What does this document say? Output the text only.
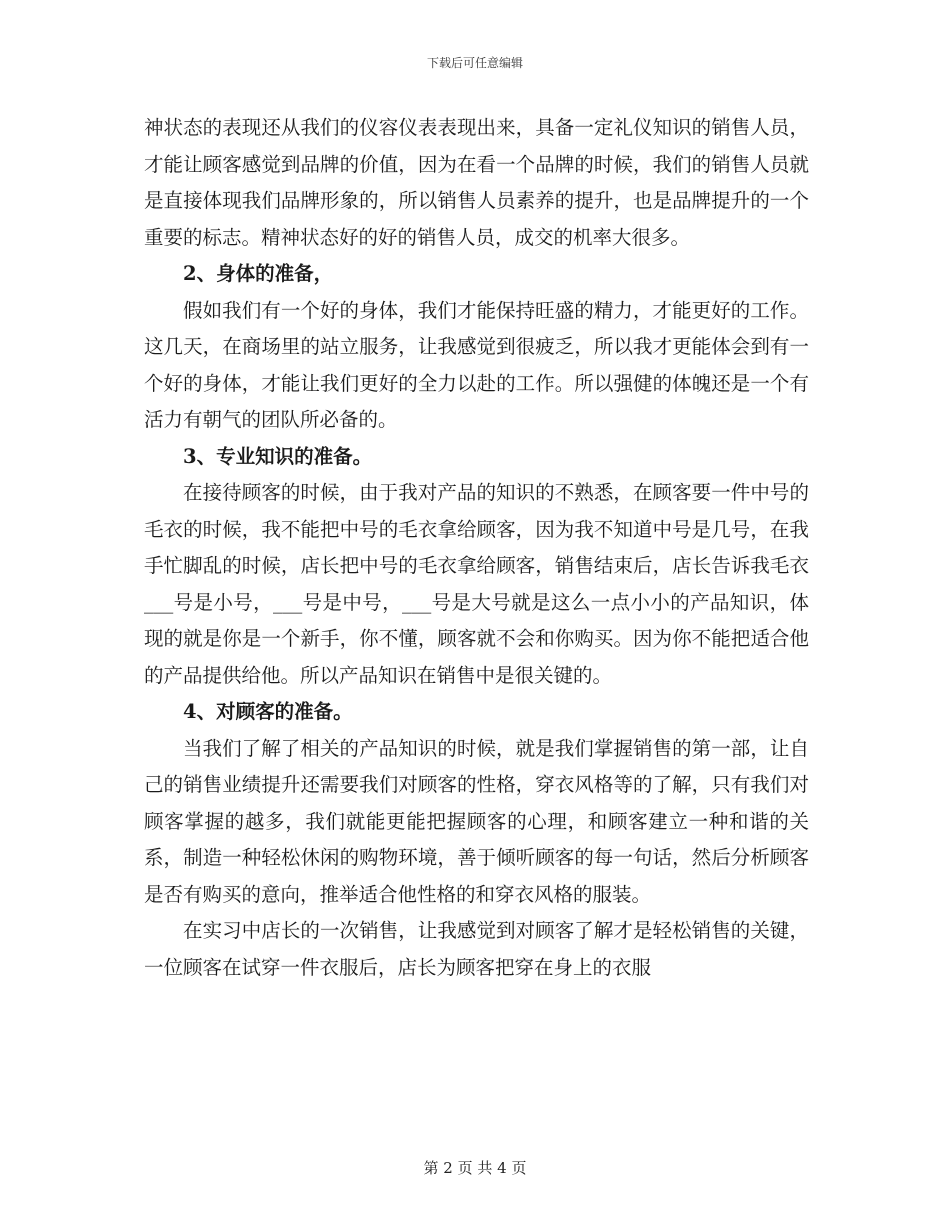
下载后可任意编辑

神状态的表现还从我们的仪容仪表表现出来，具备一定礼仪知识的销售人员，才能让顾客感觉到品牌的价值，因为在看一个品牌的时候，我们的销售人员就是直接体现我们品牌形象的，所以销售人员素养的提升，也是品牌提升的一个重要的标志。精神状态好的好的销售人员，成交的机率大很多。

2、身体的准备，

假如我们有一个好的身体，我们才能保持旺盛的精力，才能更好的工作。这几天，在商场里的站立服务，让我感觉到很疲乏，所以我才更能体会到有一个好的身体，才能让我们更好的全力以赴的工作。所以强健的体魄还是一个有活力有朝气的团队所必备的。

3、专业知识的准备。

在接待顾客的时候，由于我对产品的知识的不熟悉，在顾客要一件中号的毛衣的时候，我不能把中号的毛衣拿给顾客，因为我不知道中号是几号，在我手忙脚乱的时候，店长把中号的毛衣拿给顾客，销售结束后，店长告诉我毛衣___号是小号，___号是中号，___号是大号就是这么一点小小的产品知识，体现的就是你是一个新手，你不懂，顾客就不会和你购买。因为你不能把适合他的产品提供给他。所以产品知识在销售中是很关键的。

4、对顾客的准备。

当我们了解了相关的产品知识的时候，就是我们掌握销售的第一部，让自己的销售业绩提升还需要我们对顾客的性格，穿衣风格等的了解，只有我们对顾客掌握的越多，我们就能更能把握顾客的心理，和顾客建立一种和谐的关系，制造一种轻松休闲的购物环境，善于倾听顾客的每一句话，然后分析顾客是否有购买的意向，推举适合他性格的和穿衣风格的服装。

在实习中店长的一次销售，让我感觉到对顾客了解才是轻松销售的关键，一位顾客在试穿一件衣服后，店长为顾客把穿在身上的衣服

第 2 页 共 4 页
